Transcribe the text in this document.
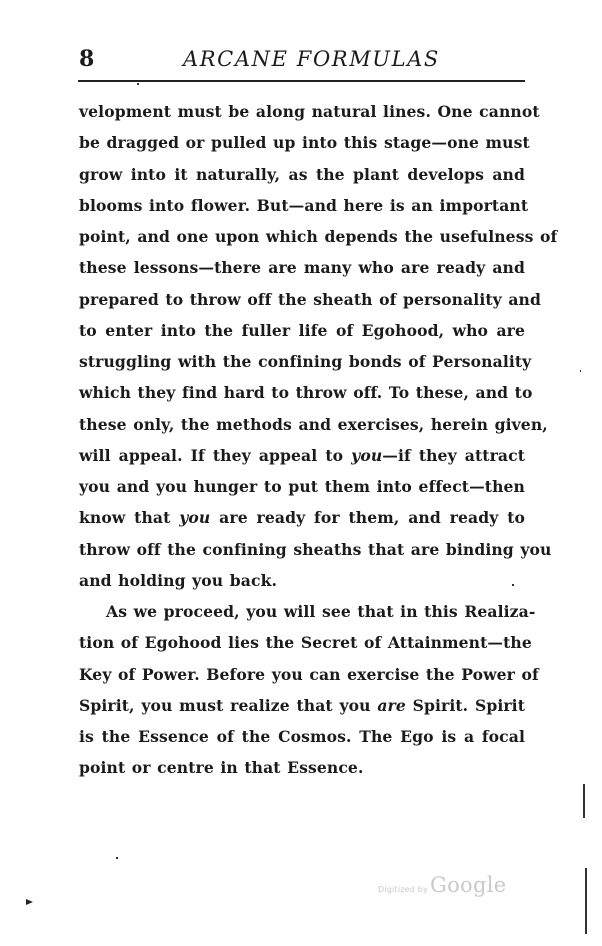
8	ARCANE FORMULAS
velopment must be along natural lines. One cannot
be dragged or pulled up into this stage—one must
grow into it naturally, as the plant develops and
blooms into flower. But—and here is an important
point, and one upon which depends the usefulness of
these lessons—there are many who are ready and
prepared to throw off the sheath of personality and
to enter into the fuller life of Egohood, who are
struggling with the confining bonds of Personality
which they find hard to throw off. To these, and to
these only, the methods and exercises, herein given,
will appeal. If they appeal to you—if they attract
you and you hunger to put them into effect—then
know that you are ready for them, and ready to
throw off the confining sheaths that are binding you
and holding you back.
As we proceed, you will see that in this Realiza-
tion of Egohood lies the Secret of Attainment—the
Key of Power. Before you can exercise the Power of
Spirit, you must realize that you are Spirit. Spirit
is the Essence of the Cosmos. The Ego is a focal
point or centre in that Essence.
Digitized byGoogle
